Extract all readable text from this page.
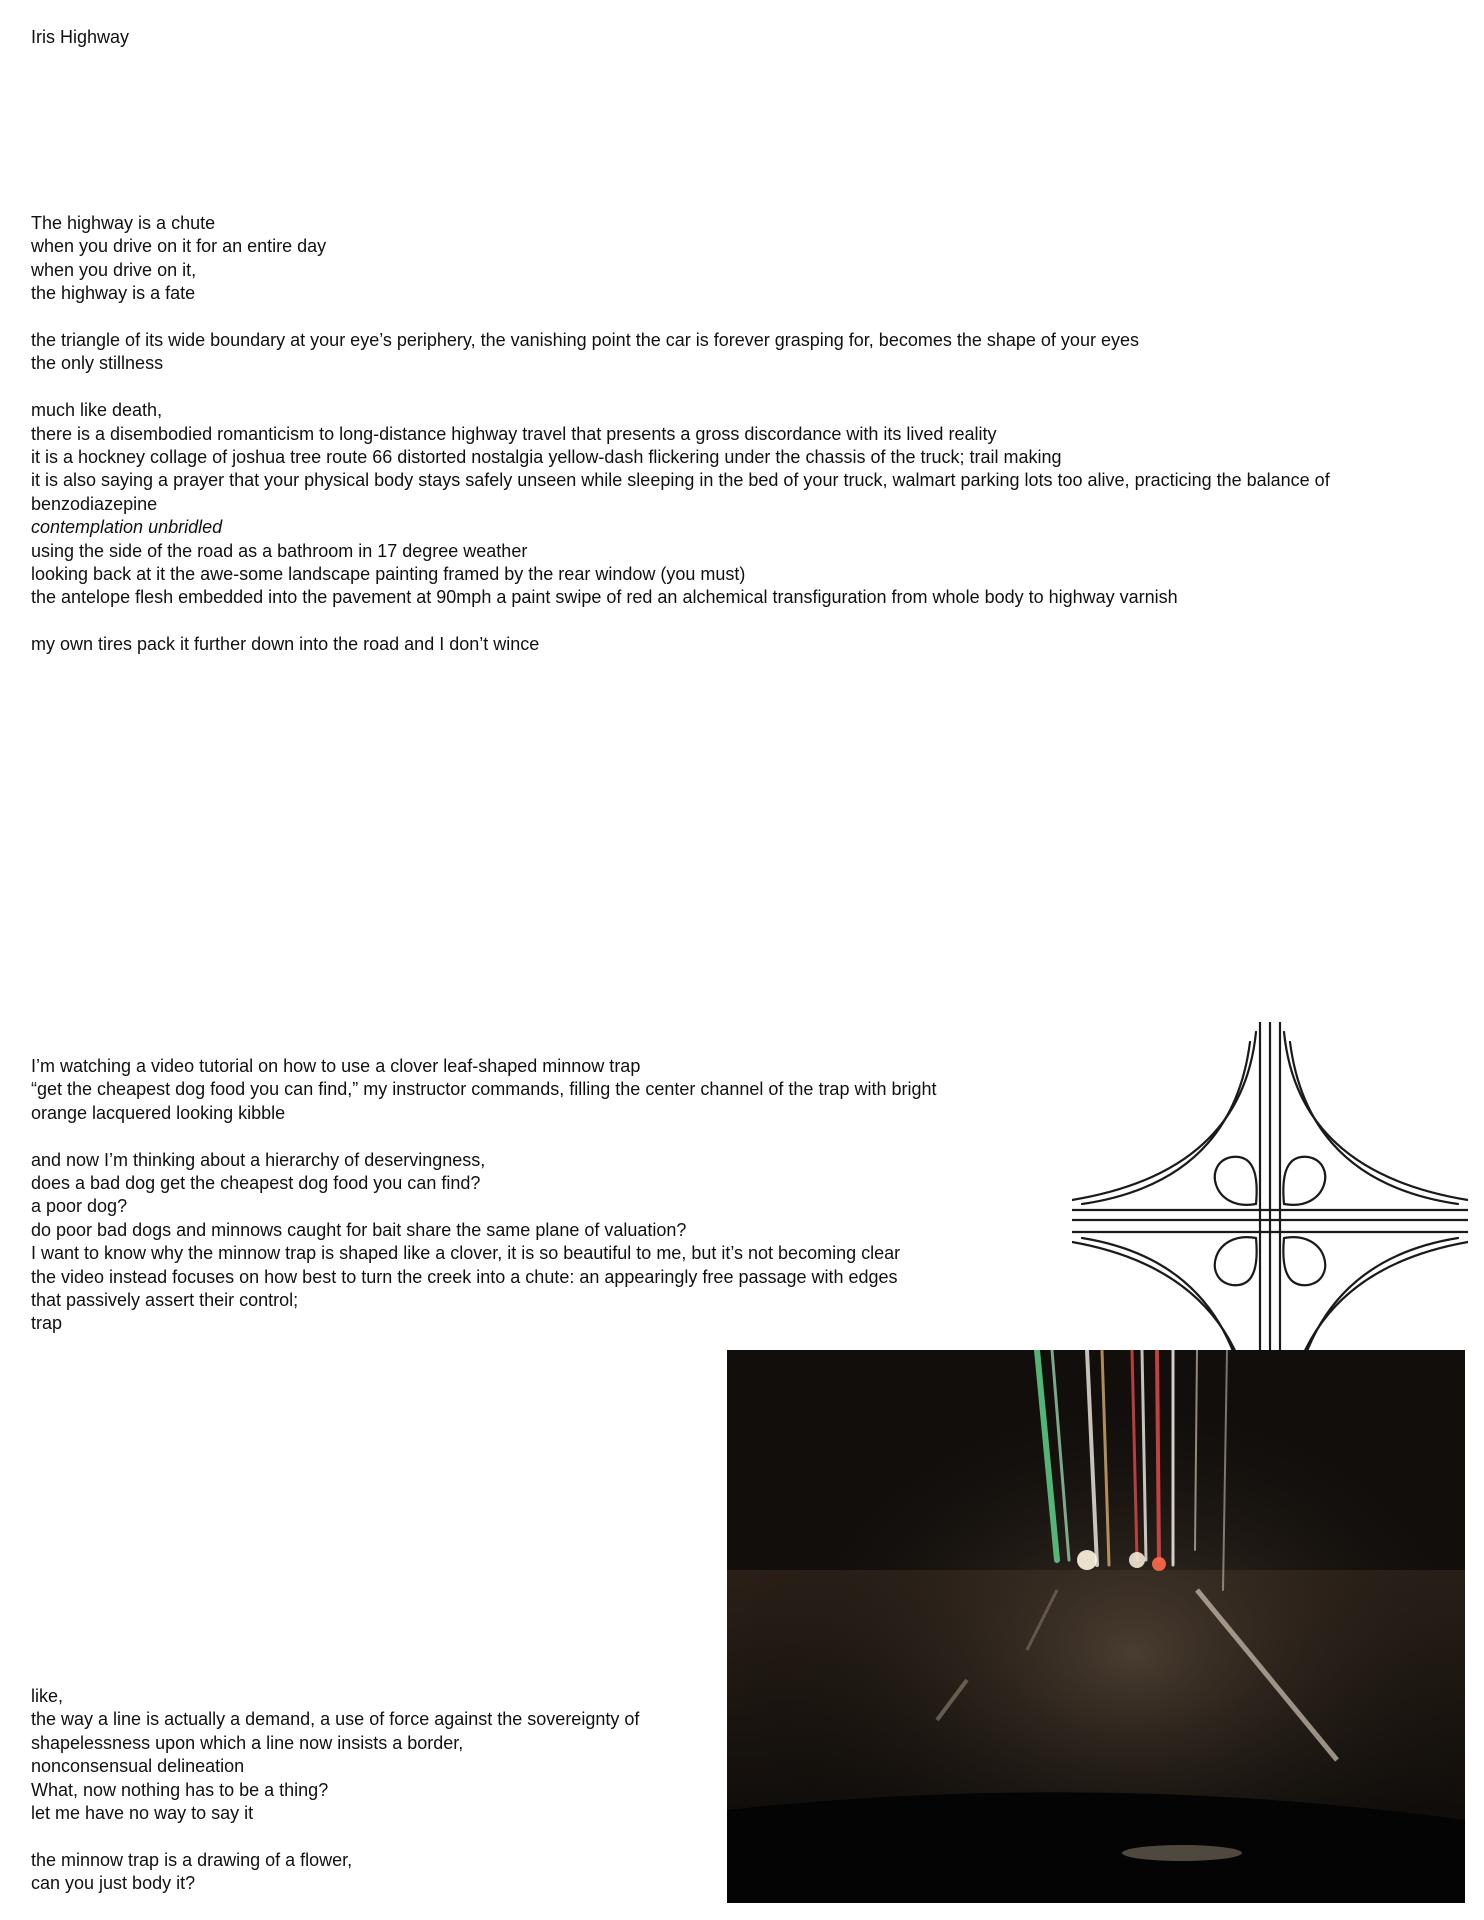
Iris Highway
The highway is a chute
when you drive on it for an entire day
when you drive on it,
the highway is a fate
the triangle of its wide boundary at your eye’s periphery, the vanishing point the car is forever grasping for, becomes the shape of your eyes
the only stillness
much like death,
there is a disembodied romanticism to long-distance highway travel that presents a gross discordance with its lived reality
it is a hockney collage of joshua tree route 66 distorted nostalgia yellow-dash flickering under the chassis of the truck; trail making
it is also saying a prayer that your physical body stays safely unseen while sleeping in the bed of your truck, walmart parking lots too alive, practicing the balance of
benzodiazepine
contemplation unbridled
using the side of the road as a bathroom in 17 degree weather
looking back at it the awe-some landscape painting framed by the rear window (you must)
the antelope flesh embedded into the pavement at 90mph a paint swipe of red an alchemical transfiguration from whole body to highway varnish
my own tires pack it further down into the road and I don’t wince
I’m watching a video tutorial on how to use a clover leaf-shaped minnow trap
“get the cheapest dog food you can find,” my instructor commands, filling the center channel of the trap with bright
orange lacquered looking kibble
and now I’m thinking about a hierarchy of deservingness,
does a bad dog get the cheapest dog food you can find?
a poor dog?
do poor bad dogs and minnows caught for bait share the same plane of valuation?
I want to know why the minnow trap is shaped like a clover, it is so beautiful to me, but it’s not becoming clear
the video instead focuses on how best to turn the creek into a chute: an appearingly free passage with edges
that passively assert their control;
trap
like,
the way a line is actually a demand, a use of force against the sovereignty of
shapelessness upon which a line now insists a border,
nonconsensual delineation
What, now nothing has to be a thing?
let me have no way to say it
the minnow trap is a drawing of a flower,
can you just body it?
